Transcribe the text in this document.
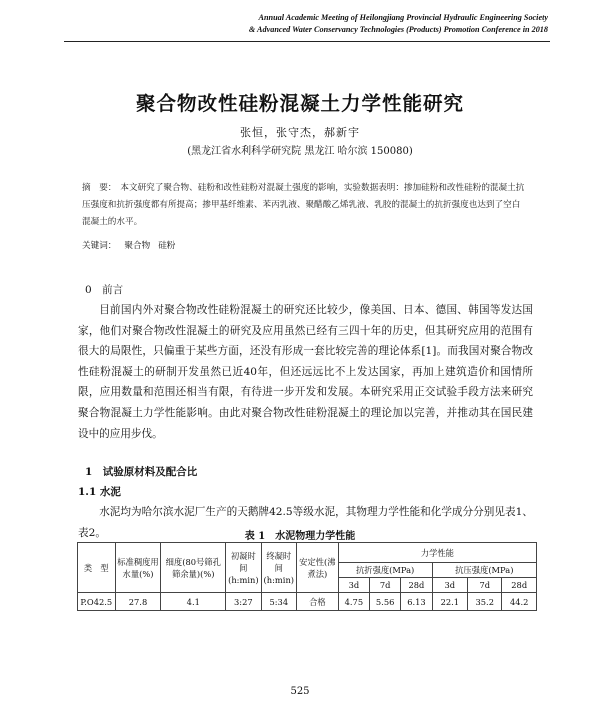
Annual Academic Meeting of Heilongjiang Provincial Hydraulic Engineering Society
& Advanced Water Conservancy Technologies (Products) Promotion Conference in 2018
聚合物改性硅粉混凝土力学性能研究
张恒，张守杰，郝新宇
(黑龙江省水利科学研究院 黑龙江 哈尔滨 150080)
摘　要： 本文研究了聚合物、硅粉和改性硅粉对混凝土强度的影响，实验数据表明：掺加硅粉和改性硅粉的混凝土抗压强度和抗折强度都有所提高；掺甲基纤维素、苯丙乳液、聚醋酸乙烯乳液、乳胶的混凝土的抗折强度也达到了空白混凝土的水平。
关键词： 聚合物 硅粉
0　前言
目前国内外对聚合物改性硅粉混凝土的研究还比较少，像美国、日本、德国、韩国等发达国家，他们对聚合物改性混凝土的研究及应用虽然已经有三四十年的历史，但其研究应用的范围有很大的局限性，只偏重于某些方面，还没有形成一套比较完善的理论体系[1]。而我国对聚合物改性硅粉混凝土的研制开发虽然已近40年，但还远远比不上发达国家，再加上建筑造价和国情所限，应用数量和范围还相当有限，有待进一步开发和发展。本研究采用正交试验手段方法来研究聚合物混凝土力学性能影响。由此对聚合物改性硅粉混凝土的理论加以完善，并推动其在国民建设中的应用步伐。
1　试验原材料及配合比
1.1 水泥
水泥均为哈尔滨水泥厂生产的天鹅牌42.5等级水泥，其物理力学性能和化学成分分别见表1、表2。	表 1　水泥物理力学性能
类　型	标准稠度用水量(%)	细度(80号筛孔筛余量)(%)	初凝时间(h:min)	终凝时间(h:min)	安定性(沸煮法)	力学性能					
						抗折强度(MPa)			抗压强度(MPa)		
						3d	7d	28d	3d	7d	28d
P.O42.5	27.8	4.1	3:27	5:34	合格	4.75	5.56	6.13	22.1	35.2	44.2
525
